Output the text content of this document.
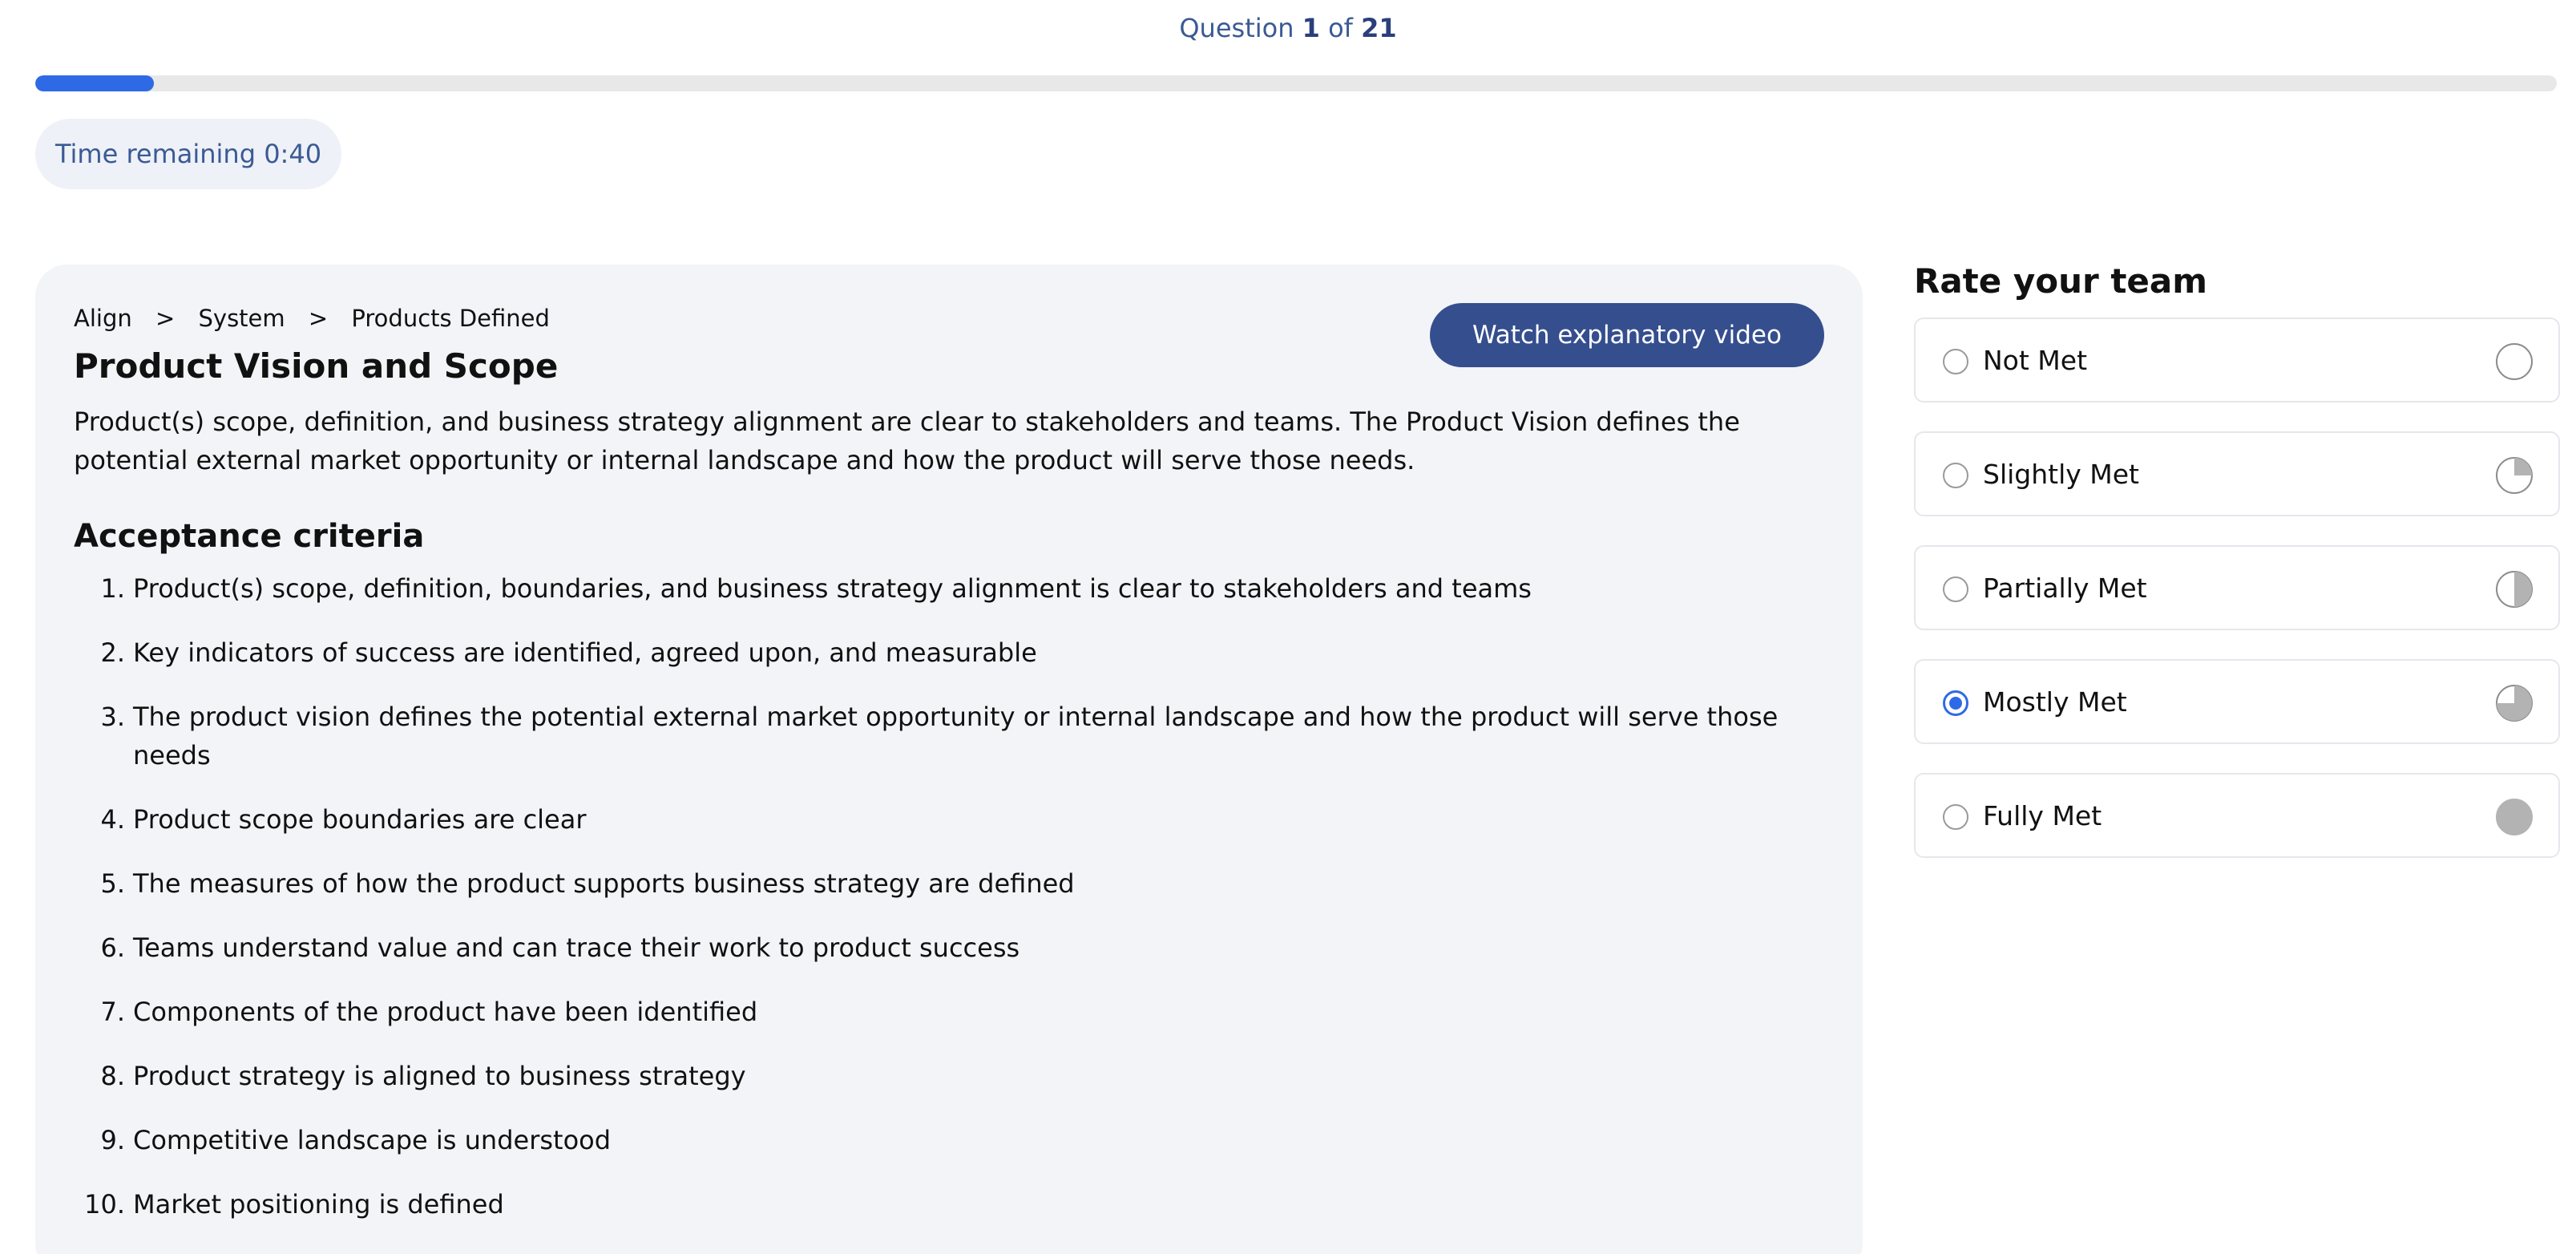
Question 1 of 21
Time remaining 0:40
Align > System > Products Defined
Watch explanatory video
Product Vision and Scope

Product(s) scope, definition, and business strategy alignment are clear to stakeholders and teams. The Product Vision defines the potential external market opportunity or internal landscape and how the product will serve those needs.

Acceptance criteria
1. Product(s) scope, definition, boundaries, and business strategy alignment is clear to stakeholders and teams
2. Key indicators of success are identified, agreed upon, and measurable
3. The product vision defines the potential external market opportunity or internal landscape and how the product will serve those needs
4. Product scope boundaries are clear
5. The measures of how the product supports business strategy are defined
6. Teams understand value and can trace their work to product success
7. Components of the product have been identified
8. Product strategy is aligned to business strategy
9. Competitive landscape is understood
10. Market positioning is defined
Rate your team
Not Met
Slightly Met
Partially Met
Mostly Met
Fully Met
